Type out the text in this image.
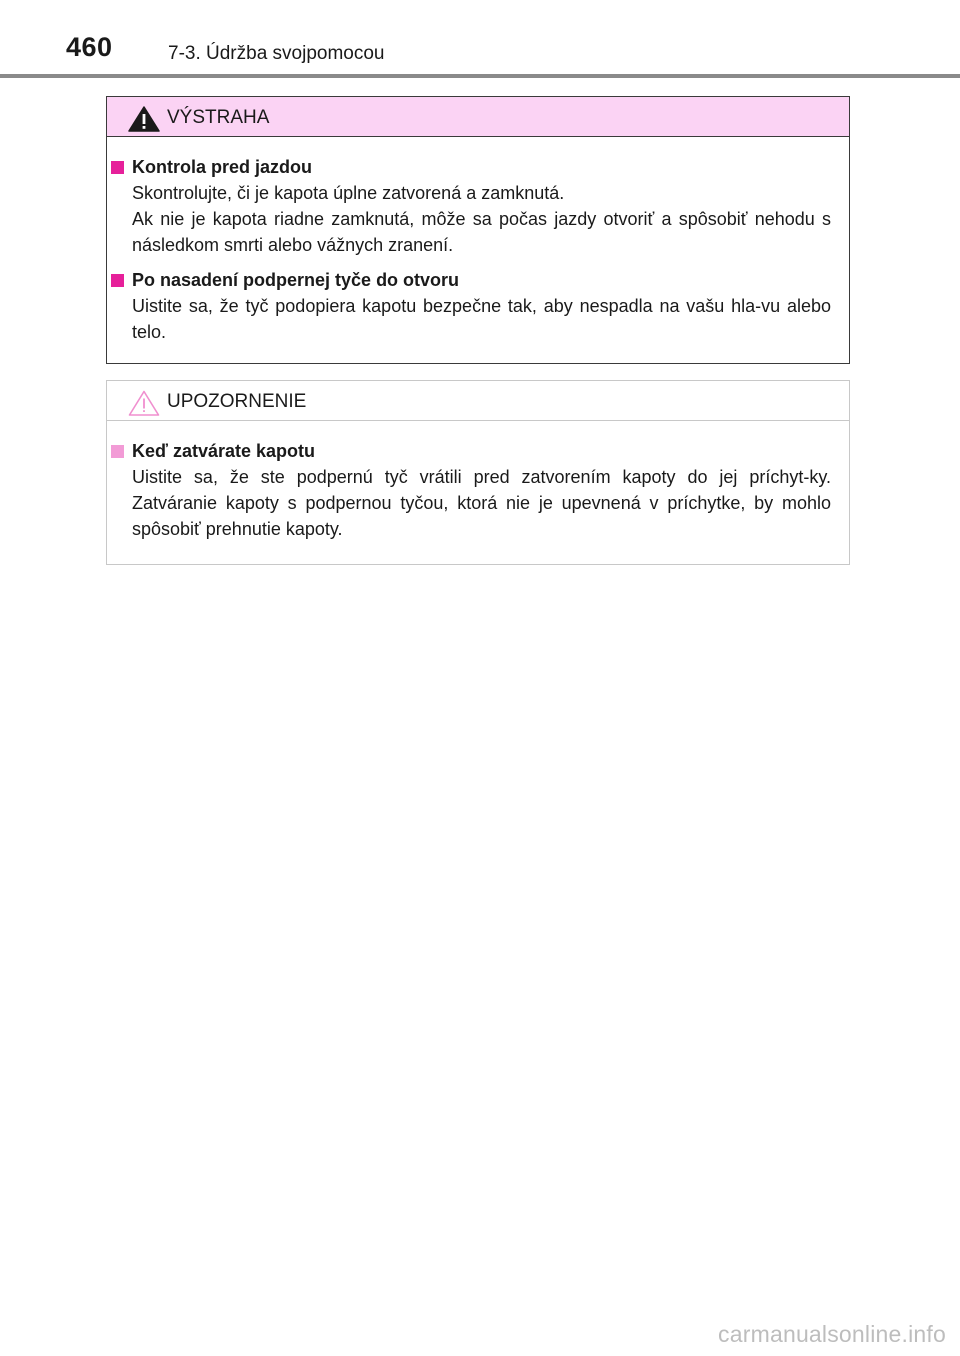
460	7-3. Údržba svojpomocou
VÝSTRAHA
Kontrola pred jazdou

Skontrolujte, či je kapota úplne zatvorená a zamknutá.

Ak nie je kapota riadne zamknutá, môže sa počas jazdy otvoriť a spôsobiť nehodu s následkom smrti alebo vážnych zranení.

Po nasadení podpernej tyče do otvoru

Uistite sa, že tyč podopiera kapotu bezpečne tak, aby nespadla na vašu hla-vu alebo telo.

UPOZORNENIE
Keď zatvárate kapotu

Uistite sa, že ste podpernú tyč vrátili pred zatvorením kapoty do jej príchyt-ky. Zatváranie kapoty s podpernou tyčou, ktorá nie je upevnená v príchytke, by mohlo spôsobiť prehnutie kapoty.

carmanualsonline.info
